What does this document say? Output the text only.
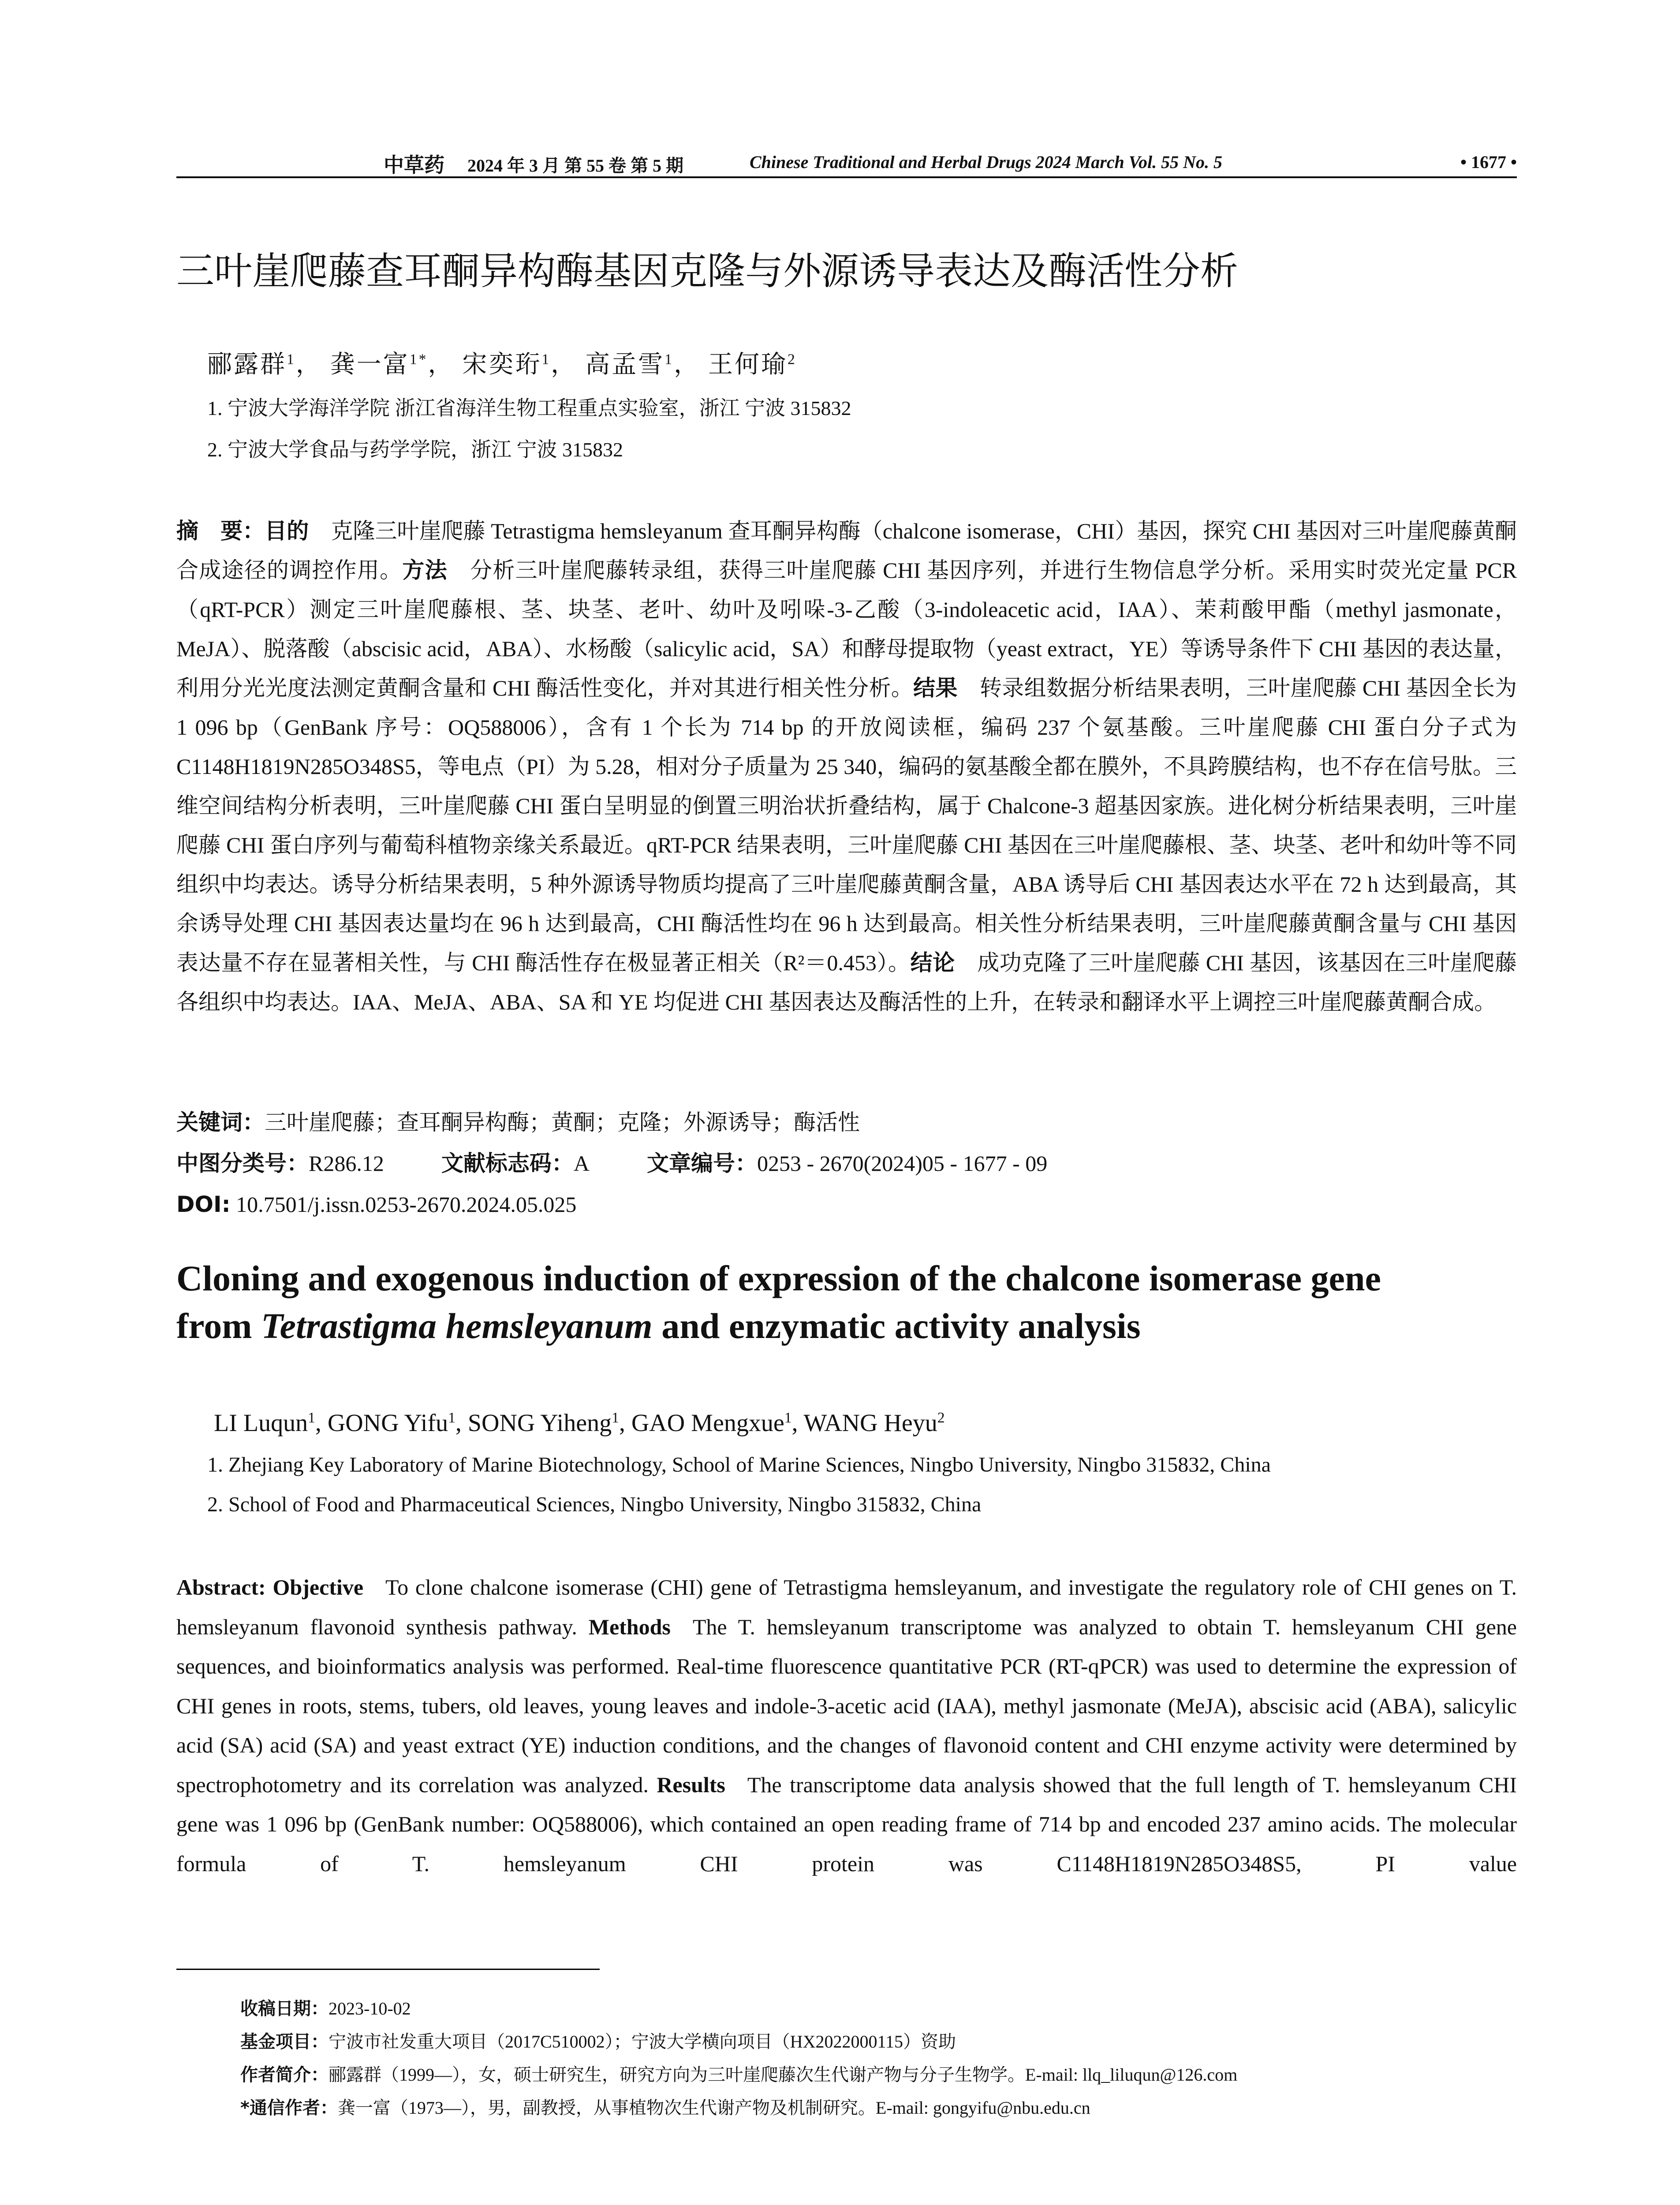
中草药 2024 年 3 月 第 55 卷 第 5 期	Chinese Traditional and Herbal Drugs 2024 March Vol. 55 No. 5	• 1677 •
三叶崖爬藤查耳酮异构酶基因克隆与外源诱导表达及酶活性分析
郦露群$^1$， 龚一富$^{1*}$， 宋奕珩$^1$， 高孟雪$^1$， 王何瑜$^2$
1. 宁波大学海洋学院 浙江省海洋生物工程重点实验室，浙江 宁波 315832
2. 宁波大学食品与药学学院，浙江 宁波 315832
摘　要：目的  克隆三叶崖爬藤 Tetrastigma hemsleyanum 查耳酮异构酶（chalcone isomerase，CHI）基因，探究 CHI 基因对三叶崖爬藤黄酮合成途径的调控作用。方法  分析三叶崖爬藤转录组，获得三叶崖爬藤 CHI 基因序列，并进行生物信息学分析。采用实时荧光定量 PCR（qRT-PCR）测定三叶崖爬藤根、茎、块茎、老叶、幼叶及吲哚-3-乙酸（3-indoleacetic acid，IAA）、茉莉酸甲酯（methyl jasmonate，MeJA）、脱落酸（abscisic acid，ABA）、水杨酸（salicylic acid，SA）和酵母提取物（yeast extract，YE）等诱导条件下 CHI 基因的表达量，利用分光光度法测定黄酮含量和 CHI 酶活性变化，并对其进行相关性分析。结果  转录组数据分析结果表明，三叶崖爬藤 CHI 基因全长为 1 096 bp（GenBank 序号：OQ588006），含有 1 个长为 714 bp 的开放阅读框，编码 237 个氨基酸。三叶崖爬藤 CHI 蛋白分子式为 C1148H1819N285O348S5，等电点（PI）为 5.28，相对分子质量为 25 340，编码的氨基酸全都在膜外，不具跨膜结构，也不存在信号肽。三维空间结构分析表明，三叶崖爬藤 CHI 蛋白呈明显的倒置三明治状折叠结构，属于 Chalcone-3 超基因家族。进化树分析结果表明，三叶崖爬藤 CHI 蛋白序列与葡萄科植物亲缘关系最近。qRT-PCR 结果表明，三叶崖爬藤 CHI 基因在三叶崖爬藤根、茎、块茎、老叶和幼叶等不同组织中均表达。诱导分析结果表明，5 种外源诱导物质均提高了三叶崖爬藤黄酮含量，ABA 诱导后 CHI 基因表达水平在 72 h 达到最高，其余诱导处理 CHI 基因表达量均在 96 h 达到最高，CHI 酶活性均在 96 h 达到最高。相关性分析结果表明，三叶崖爬藤黄酮含量与 CHI 基因表达量不存在显著相关性，与 CHI 酶活性存在极显著正相关（R²＝0.453）。结论  成功克隆了三叶崖爬藤 CHI 基因，该基因在三叶崖爬藤各组织中均表达。IAA、MeJA、ABA、SA 和 YE 均促进 CHI 基因表达及酶活性的上升，在转录和翻译水平上调控三叶崖爬藤黄酮合成。
关键词：三叶崖爬藤；查耳酮异构酶；黄酮；克隆；外源诱导；酶活性
中图分类号：R286.12	文献标志码：A	文章编号：0253 - 2670(2024)05 - 1677 - 09
DOI: 10.7501/j.issn.0253-2670.2024.05.025
Cloning and exogenous induction of expression of the chalcone isomerase gene
from Tetrastigma hemsleyanum and enzymatic activity analysis
LI Luqun$^1$, GONG Yifu$^1$, SONG Yiheng$^1$, GAO Mengxue$^1$, WANG Heyu$^2$
1. Zhejiang Key Laboratory of Marine Biotechnology, School of Marine Sciences, Ningbo University, Ningbo 315832, China
2. School of Food and Pharmaceutical Sciences, Ningbo University, Ningbo 315832, China
Abstract: Objective  To clone chalcone isomerase (CHI) gene of Tetrastigma hemsleyanum, and investigate the regulatory role of CHI genes on T. hemsleyanum flavonoid synthesis pathway. Methods  The T. hemsleyanum transcriptome was analyzed to obtain T. hemsleyanum CHI gene sequences, and bioinformatics analysis was performed. Real-time fluorescence quantitative PCR (RT-qPCR) was used to determine the expression of CHI genes in roots, stems, tubers, old leaves, young leaves and indole-3-acetic acid (IAA), methyl jasmonate (MeJA), abscisic acid (ABA), salicylic acid (SA) acid (SA) and yeast extract (YE) induction conditions, and the changes of flavonoid content and CHI enzyme activity were determined by spectrophotometry and its correlation was analyzed. Results  The transcriptome data analysis showed that the full length of T. hemsleyanum CHI gene was 1 096 bp (GenBank number: OQ588006), which contained an open reading frame of 714 bp and encoded 237 amino acids. The molecular formula of T. hemsleyanum CHI protein was C1148H1819N285O348S5, PI value
收稿日期：2023-10-02
基金项目：宁波市社发重大项目（2017C510002）；宁波大学横向项目（HX2022000115）资助
作者简介：郦露群（1999—），女，硕士研究生，研究方向为三叶崖爬藤次生代谢产物与分子生物学。E-mail: llq_liluqun@126.com
*通信作者：龚一富（1973—），男，副教授，从事植物次生代谢产物及机制研究。E-mail: gongyifu@nbu.edu.cn
